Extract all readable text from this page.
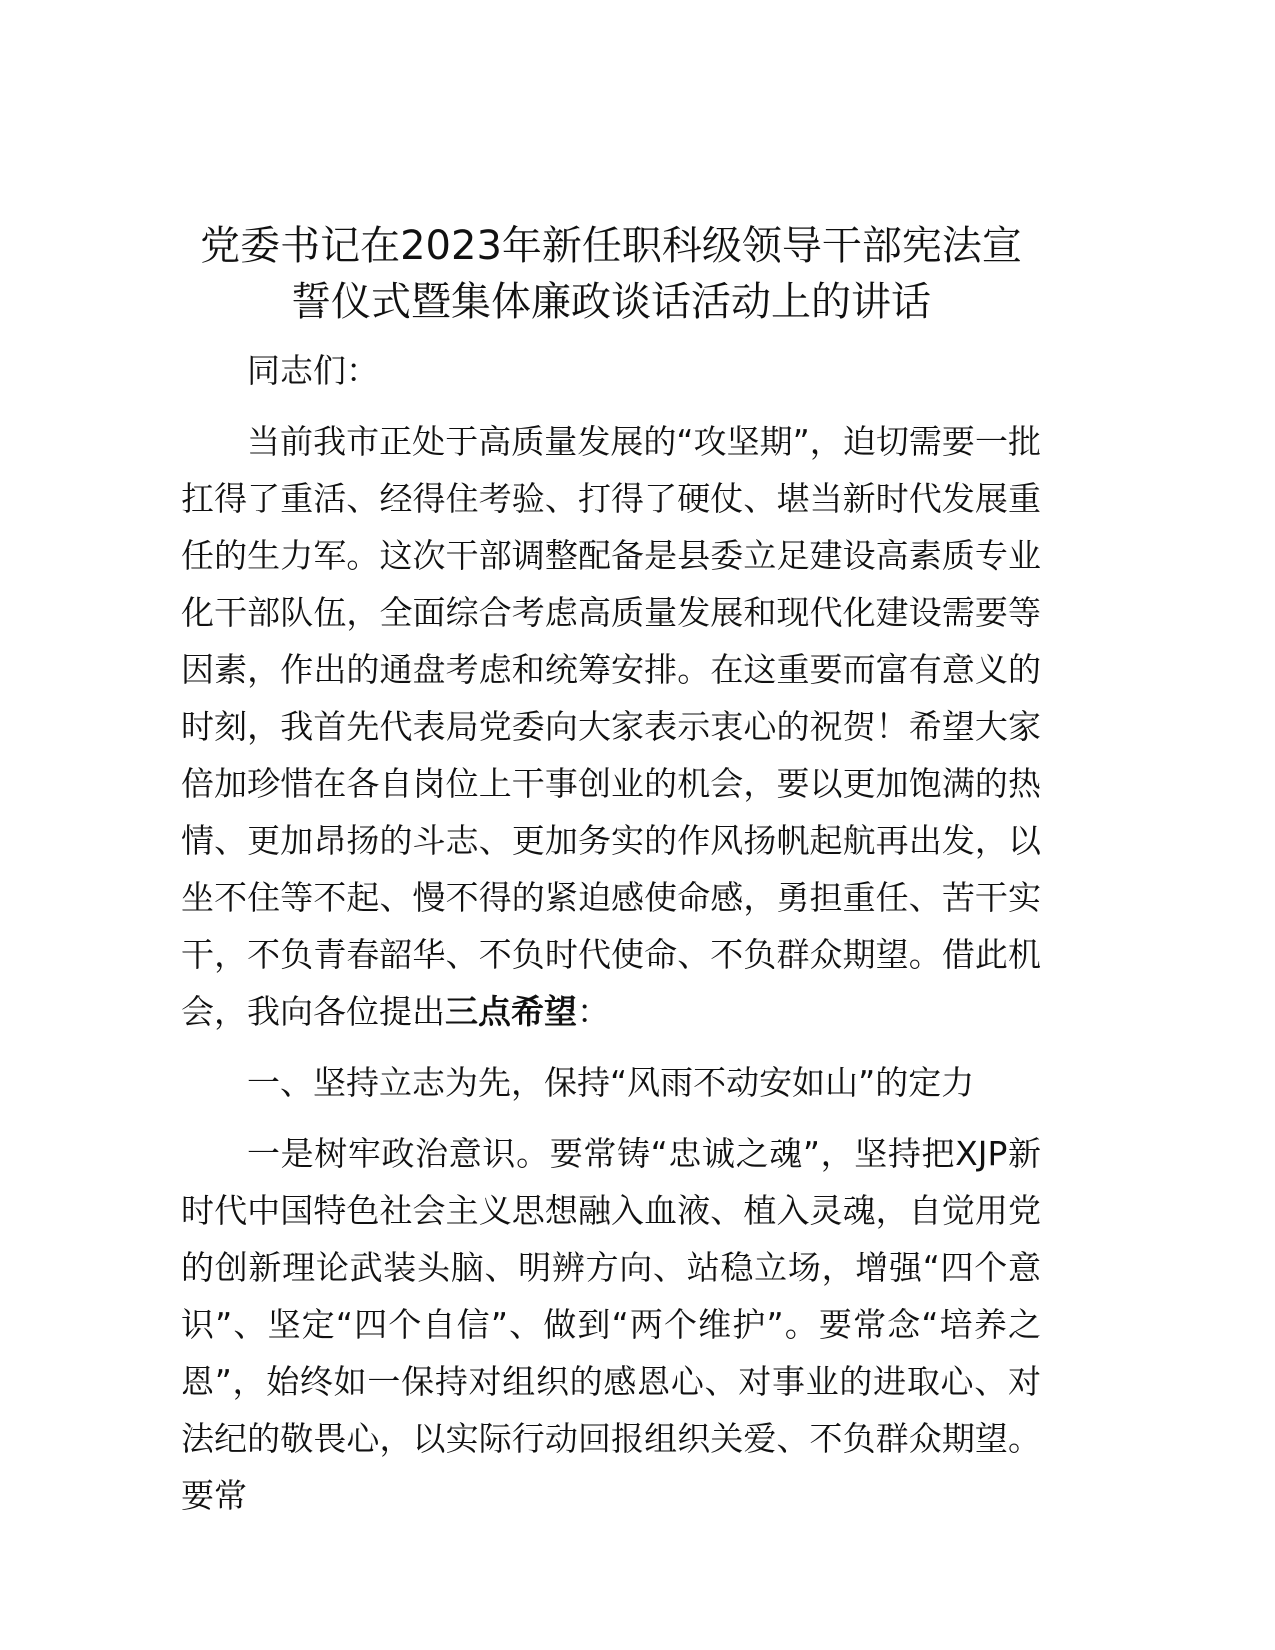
党委书记在2023年新任职科级领导干部宪法宣
誓仪式暨集体廉政谈话活动上的讲话

同志们：

当前我市正处于高质量发展的“攻坚期”，迫切需要一批扛得了重活、经得住考验、打得了硬仗、堪当新时代发展重任的生力军。这次干部调整配备是县委立足建设高素质专业化干部队伍，全面综合考虑高质量发展和现代化建设需要等因素，作出的通盘考虑和统筹安排。在这重要而富有意义的时刻，我首先代表局党委向大家表示衷心的祝贺！希望大家倍加珍惜在各自岗位上干事创业的机会，要以更加饱满的热情、更加昂扬的斗志、更加务实的作风扬帆起航再出发，以坐不住等不起、慢不得的紧迫感使命感，勇担重任、苦干实干，不负青春韶华、不负时代使命、不负群众期望。借此机会，我向各位提出三点希望：

一、坚持立志为先，保持“风雨不动安如山”的定力

一是树牢政治意识。要常铸“忠诚之魂”，坚持把XJP新时代中国特色社会主义思想融入血液、植入灵魂，自觉用党的创新理论武装头脑、明辨方向、站稳立场，增强“四个意识”、坚定“四个自信”、做到“两个维护”。要常念“培养之恩”，始终如一保持对组织的感恩心、对事业的进取心、对法纪的敬畏心，以实际行动回报组织关爱、不负群众期望。要常
